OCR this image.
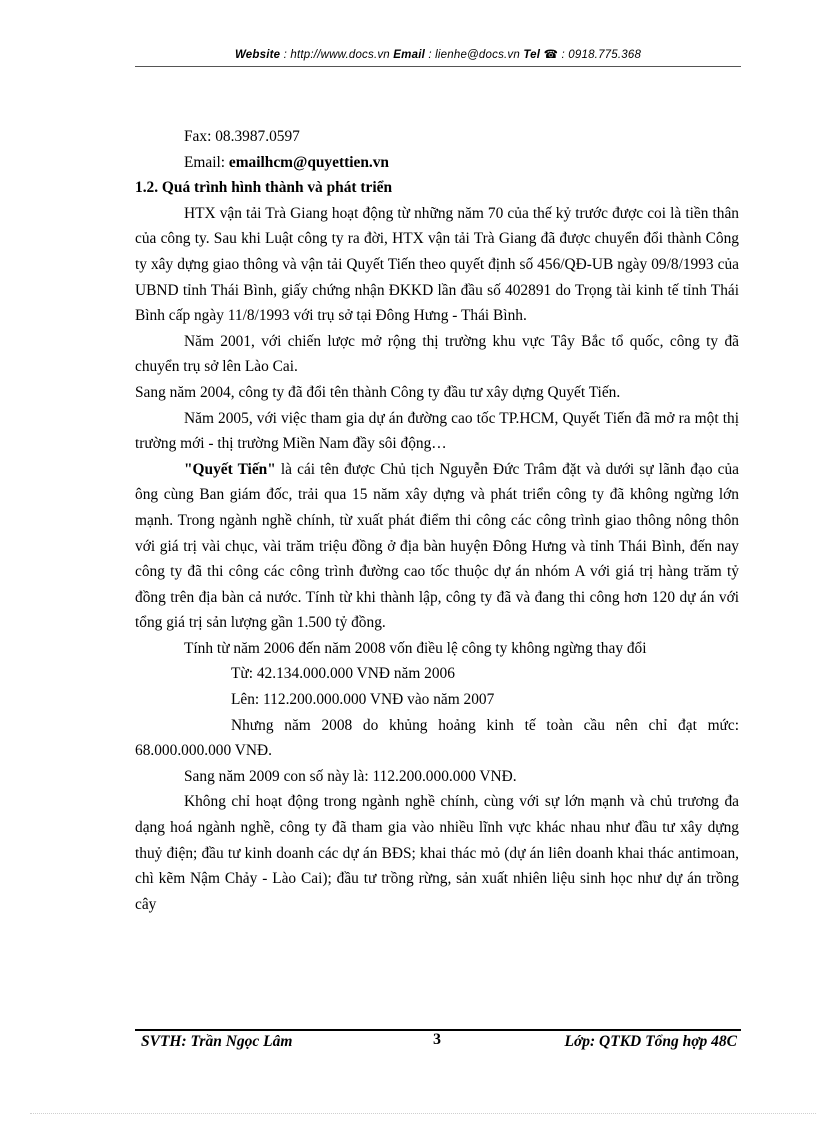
Website : http://www.docs.vn Email : lienhe@docs.vn Tel ☎ : 0918.775.368

Fax: 08.3987.0597

Email: emailhcm@quyettien.vn

1.2. Quá trình hình thành và phát triển

HTX vận tải Trà Giang hoạt động từ những năm 70 của thế kỷ trước được coi là tiền thân của công ty. Sau khi Luật công ty ra đời, HTX vận tải Trà Giang đã được chuyển đổi thành Công ty xây dựng giao thông và vận tải Quyết Tiến theo quyết định số 456/QĐ-UB ngày 09/8/1993 của UBND tỉnh Thái Bình, giấy chứng nhận ĐKKD lần đầu số 402891 do Trọng tài kinh tế tỉnh Thái Bình cấp ngày 11/8/1993 với trụ sở tại Đông Hưng - Thái Bình.

Năm 2001, với chiến lược mở rộng thị trường khu vực Tây Bắc tổ quốc, công ty đã chuyển trụ sở lên Lào Cai.

Sang năm 2004, công ty đã đổi tên thành Công ty đầu tư xây dựng Quyết Tiến.

Năm 2005, với việc tham gia dự án đường cao tốc TP.HCM, Quyết Tiến đã mở ra một thị trường mới - thị trường Miền Nam đầy sôi động…

"Quyết Tiến" là cái tên được Chủ tịch Nguyễn Đức Trâm đặt và dưới sự lãnh đạo của ông cùng Ban giám đốc, trải qua 15 năm xây dựng và phát triển công ty đã không ngừng lớn mạnh. Trong ngành nghề chính, từ xuất phát điểm thi công các công trình giao thông nông thôn với giá trị vài chục, vài trăm triệu đồng ở địa bàn huyện Đông Hưng và tỉnh Thái Bình, đến nay công ty đã thi công các công trình đường cao tốc thuộc dự án nhóm A với giá trị hàng trăm tỷ đồng trên địa bàn cả nước. Tính từ khi thành lập, công ty đã và đang thi công hơn 120 dự án với tổng giá trị sản lượng gần 1.500 tỷ đồng.

Tính từ năm 2006 đến năm 2008 vốn điều lệ công ty không ngừng thay đổi

Từ: 42.134.000.000 VNĐ năm 2006

Lên: 112.200.000.000 VNĐ vào năm 2007

Nhưng năm 2008 do khủng hoảng kinh tế toàn cầu nên chỉ đạt mức: 68.000.000.000 VNĐ.

Sang năm 2009 con số này là: 112.200.000.000 VNĐ.

Không chỉ hoạt động trong ngành nghề chính, cùng với sự lớn mạnh và chủ trương đa dạng hoá ngành nghề, công ty đã tham gia vào nhiều lĩnh vực khác nhau như đầu tư xây dựng thuỷ điện; đầu tư kinh doanh các dự án BĐS; khai thác mỏ (dự án liên doanh khai thác antimoan, chì kẽm Nậm Chảy - Lào Cai); đầu tư trồng rừng, sản xuất nhiên liệu sinh học như dự án trồng cây

SVTH: Trần Ngọc Lâm	3	Lớp: QTKD Tổng hợp 48C
